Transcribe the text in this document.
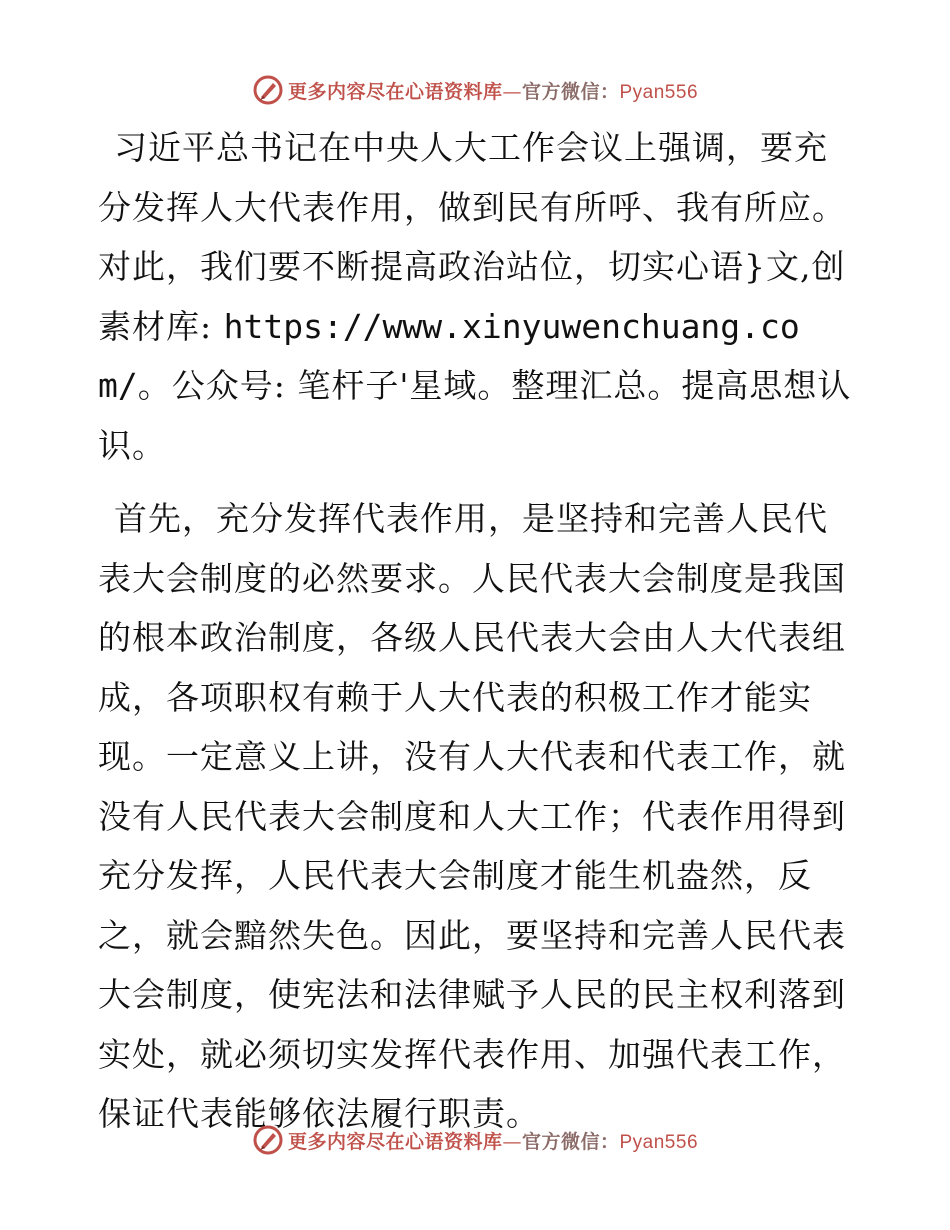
更多内容尽在心语资料库—官方微信：Pyan556

习近平总书记在中央人大工作会议上强调，要充分发挥人大代表作用，做到民有所呼、我有所应。对此，我们要不断提高政治站位，切实心语}文,创素材库: https://www.xinyuwenchuang.com/。公众号: 笔杆子'星域。整理汇总。提高思想认识。

首先，充分发挥代表作用，是坚持和完善人民代表大会制度的必然要求。人民代表大会制度是我国的根本政治制度，各级人民代表大会由人大代表组成，各项职权有赖于人大代表的积极工作才能实现。一定意义上讲，没有人大代表和代表工作，就没有人民代表大会制度和人大工作；代表作用得到充分发挥，人民代表大会制度才能生机盎然，反之，就会黯然失色。因此，要坚持和完善人民代表大会制度，使宪法和法律赋予人民的民主权利落到实处，就必须切实发挥代表作用、加强代表工作，保证代表能够依法履行职责。

更多内容尽在心语资料库—官方微信：Pyan556
